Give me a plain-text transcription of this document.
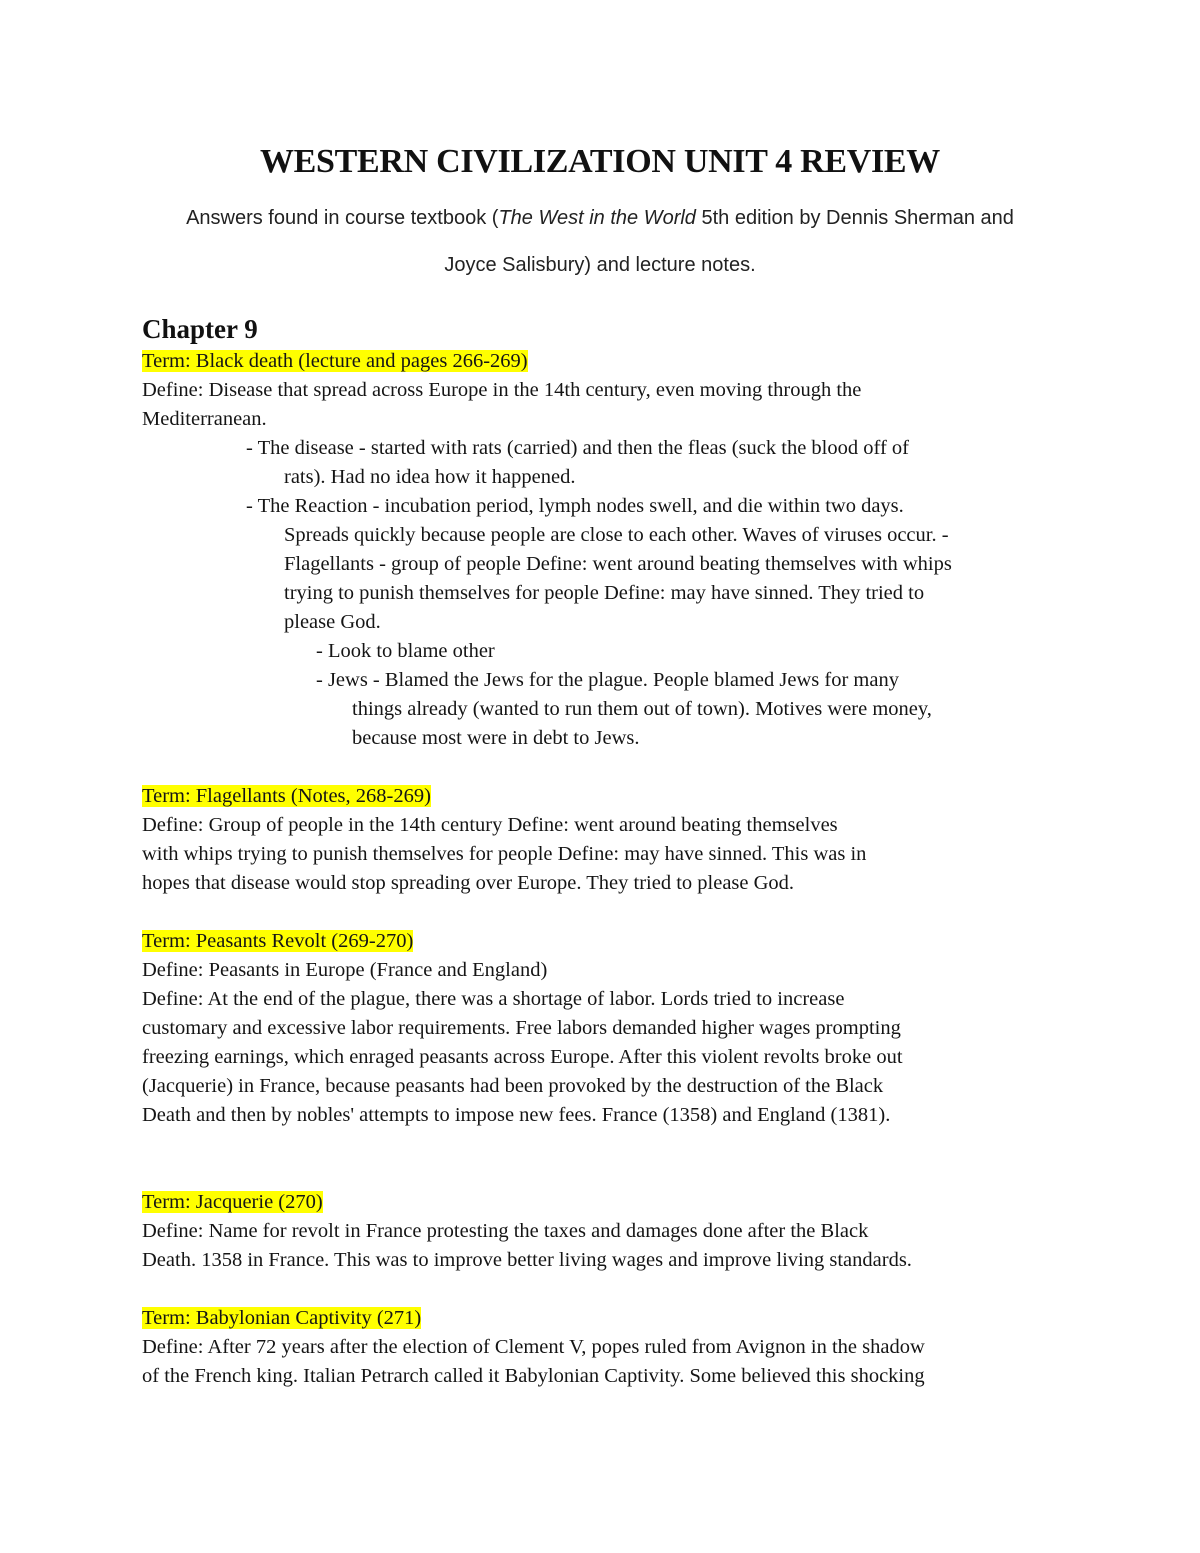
WESTERN CIVILIZATION UNIT 4 REVIEW
Answers found in course textbook (The West in the World 5th edition by Dennis Sherman and
Joyce Salisbury) and lecture notes.
Chapter 9
Term: Black death (lecture and pages 266-269)
Define: Disease that spread across Europe in the 14th century, even moving through the
Mediterranean.
- The disease - started with rats (carried) and then the fleas (suck the blood off of
rats). Had no idea how it happened.
- The Reaction - incubation period, lymph nodes swell, and die within two days.
Spreads quickly because people are close to each other. Waves of viruses occur. -
Flagellants - group of people Define: went around beating themselves with whips
trying to punish themselves for people Define: may have sinned. They tried to
please God.
- Look to blame other
- Jews - Blamed the Jews for the plague. People blamed Jews for many
things already (wanted to run them out of town). Motives were money,
because most were in debt to Jews.
Term: Flagellants (Notes, 268-269)
Define: Group of people in the 14th century Define: went around beating themselves
with whips trying to punish themselves for people Define: may have sinned. This was in
hopes that disease would stop spreading over Europe. They tried to please God.
Term: Peasants Revolt (269-270)
Define: Peasants in Europe (France and England)
Define: At the end of the plague, there was a shortage of labor. Lords tried to increase
customary and excessive labor requirements. Free labors demanded higher wages prompting
freezing earnings, which enraged peasants across Europe. After this violent revolts broke out
(Jacquerie) in France, because peasants had been provoked by the destruction of the Black
Death and then by nobles' attempts to impose new fees. France (1358) and England (1381).
Term: Jacquerie (270)
Define: Name for revolt in France protesting the taxes and damages done after the Black
Death. 1358 in France. This was to improve better living wages and improve living standards.
Term: Babylonian Captivity (271)
Define: After 72 years after the election of Clement V, popes ruled from Avignon in the shadow
of the French king. Italian Petrarch called it Babylonian Captivity. Some believed this shocking
